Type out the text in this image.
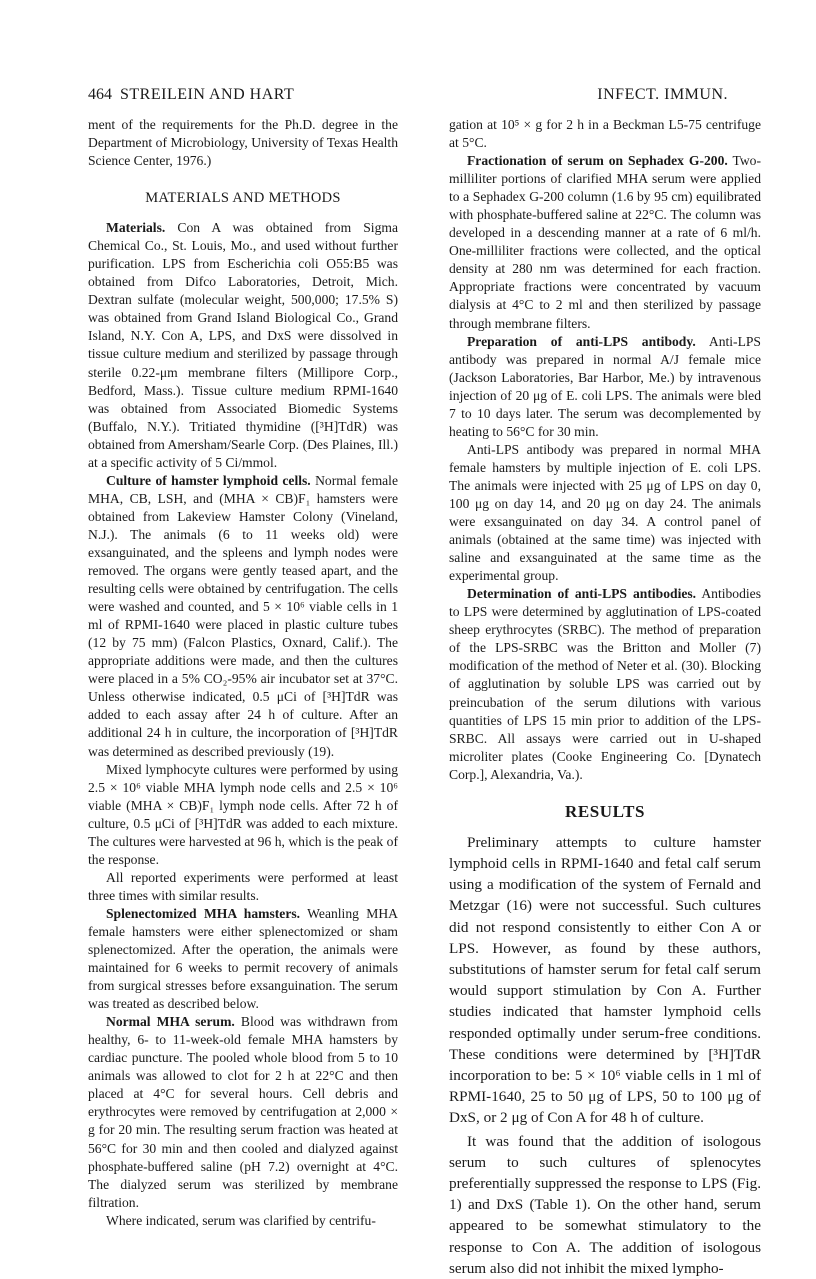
464 STREILEIN AND HART	INFECT. IMMUN.

ment of the requirements for the Ph.D. degree in the Department of Microbiology, University of Texas Health Science Center, 1976.)

MATERIALS AND METHODS

Materials. Con A was obtained from Sigma Chemical Co., St. Louis, Mo., and used without further purification. LPS from Escherichia coli O55:B5 was obtained from Difco Laboratories, Detroit, Mich. Dextran sulfate (molecular weight, 500,000; 17.5% S) was obtained from Grand Island Biological Co., Grand Island, N.Y. Con A, LPS, and DxS were dissolved in tissue culture medium and sterilized by passage through sterile 0.22-μm membrane filters (Millipore Corp., Bedford, Mass.). Tissue culture medium RPMI-1640 was obtained from Associated Biomedic Systems (Buffalo, N.Y.). Tritiated thymidine ([³H]TdR) was obtained from Amersham/Searle Corp. (Des Plaines, Ill.) at a specific activity of 5 Ci/mmol.

Culture of hamster lymphoid cells. Normal female MHA, CB, LSH, and (MHA × CB)F₁ hamsters were obtained from Lakeview Hamster Colony (Vineland, N.J.). The animals (6 to 11 weeks old) were exsanguinated, and the spleens and lymph nodes were removed. The organs were gently teased apart, and the resulting cells were obtained by centrifugation. The cells were washed and counted, and 5 × 10⁶ viable cells in 1 ml of RPMI-1640 were placed in plastic culture tubes (12 by 75 mm) (Falcon Plastics, Oxnard, Calif.). The appropriate additions were made, and then the cultures were placed in a 5% CO₂-95% air incubator set at 37°C. Unless otherwise indicated, 0.5 μCi of [³H]TdR was added to each assay after 24 h of culture. After an additional 24 h in culture, the incorporation of [³H]TdR was determined as described previously (19).

Mixed lymphocyte cultures were performed by using 2.5 × 10⁶ viable MHA lymph node cells and 2.5 × 10⁶ viable (MHA × CB)F₁ lymph node cells. After 72 h of culture, 0.5 μCi of [³H]TdR was added to each mixture. The cultures were harvested at 96 h, which is the peak of the response.

All reported experiments were performed at least three times with similar results.

Splenectomized MHA hamsters. Weanling MHA female hamsters were either splenectomized or sham splenectomized. After the operation, the animals were maintained for 6 weeks to permit recovery of animals from surgical stresses before exsanguination. The serum was treated as described below.

Normal MHA serum. Blood was withdrawn from healthy, 6- to 11-week-old female MHA hamsters by cardiac puncture. The pooled whole blood from 5 to 10 animals was allowed to clot for 2 h at 22°C and then placed at 4°C for several hours. Cell debris and erythrocytes were removed by centrifugation at 2,000 × g for 20 min. The resulting serum fraction was heated at 56°C for 30 min and then cooled and dialyzed against phosphate-buffered saline (pH 7.2) overnight at 4°C. The dialyzed serum was sterilized by membrane filtration.

Where indicated, serum was clarified by centrifu-

gation at 10⁵ × g for 2 h in a Beckman L5-75 centrifuge at 5°C.

Fractionation of serum on Sephadex G-200. Two-milliliter portions of clarified MHA serum were applied to a Sephadex G-200 column (1.6 by 95 cm) equilibrated with phosphate-buffered saline at 22°C. The column was developed in a descending manner at a rate of 6 ml/h. One-milliliter fractions were collected, and the optical density at 280 nm was determined for each fraction. Appropriate fractions were concentrated by vacuum dialysis at 4°C to 2 ml and then sterilized by passage through membrane filters.

Preparation of anti-LPS antibody. Anti-LPS antibody was prepared in normal A/J female mice (Jackson Laboratories, Bar Harbor, Me.) by intravenous injection of 20 μg of E. coli LPS. The animals were bled 7 to 10 days later. The serum was decomplemented by heating to 56°C for 30 min.

Anti-LPS antibody was prepared in normal MHA female hamsters by multiple injection of E. coli LPS. The animals were injected with 25 μg of LPS on day 0, 100 μg on day 14, and 20 μg on day 24. The animals were exsanguinated on day 34. A control panel of animals (obtained at the same time) was injected with saline and exsanguinated at the same time as the experimental group.

Determination of anti-LPS antibodies. Antibodies to LPS were determined by agglutination of LPS-coated sheep erythrocytes (SRBC). The method of preparation of the LPS-SRBC was the Britton and Moller (7) modification of the method of Neter et al. (30). Blocking of agglutination by soluble LPS was carried out by preincubation of the serum dilutions with various quantities of LPS 15 min prior to addition of the LPS-SRBC. All assays were carried out in U-shaped microliter plates (Cooke Engineering Co. [Dynatech Corp.], Alexandria, Va.).

RESULTS

Preliminary attempts to culture hamster lymphoid cells in RPMI-1640 and fetal calf serum using a modification of the system of Fernald and Metzgar (16) were not successful. Such cultures did not respond consistently to either Con A or LPS. However, as found by these authors, substitutions of hamster serum for fetal calf serum would support stimulation by Con A. Further studies indicated that hamster lymphoid cells responded optimally under serum-free conditions. These conditions were determined by [³H]TdR incorporation to be: 5 × 10⁶ viable cells in 1 ml of RPMI-1640, 25 to 50 μg of LPS, 50 to 100 μg of DxS, or 2 μg of Con A for 48 h of culture.

It was found that the addition of isologous serum to such cultures of splenocytes preferentially suppressed the response to LPS (Fig. 1) and DxS (Table 1). On the other hand, serum appeared to be somewhat stimulatory to the response to Con A. The addition of isologous serum also did not inhibit the mixed lympho-
